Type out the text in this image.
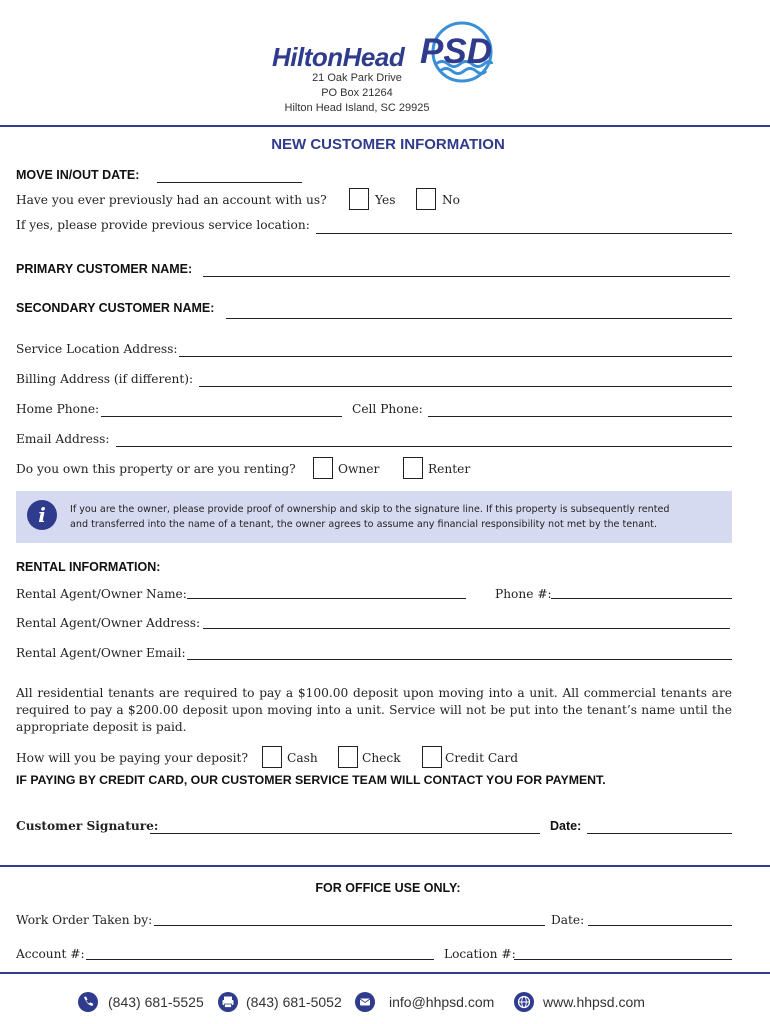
HiltonHead PSD
21 Oak Park Drive
PO Box 21264
Hilton Head Island, SC 29925
NEW CUSTOMER INFORMATION
MOVE IN/OUT DATE:
Have you ever previously had an account with us?	Yes	No
If yes, please provide previous service location:
PRIMARY CUSTOMER NAME:
SECONDARY CUSTOMER NAME:
Service Location Address:
Billing Address (if different):
Home Phone:	Cell Phone:
Email Address:
Do you own this property or are you renting?	Owner	Renter
i	If you are the owner, please provide proof of ownership and skip to the signature line. If this property is subsequently rented
and transferred into the name of a tenant, the owner agrees to assume any financial responsibility not met by the tenant.
RENTAL INFORMATION:
Rental Agent/Owner Name:	Phone #:
Rental Agent/Owner Address:
Rental Agent/Owner Email:
All residential tenants are required to pay a $100.00 deposit upon moving into a unit. All commercial tenants are required to pay a $200.00 deposit upon moving into a unit. Service will not be put into the tenant’s name until the appropriate deposit is paid.
How will you be paying your deposit?	Cash	Check	Credit Card
IF PAYING BY CREDIT CARD, OUR CUSTOMER SERVICE TEAM WILL CONTACT YOU FOR PAYMENT.
Customer Signature:	Date:
FOR OFFICE USE ONLY:
Work Order Taken by:	Date:
Account #:	Location #:
(843) 681-5525	(843) 681-5052	info@hhpsd.com	www.hhpsd.com
